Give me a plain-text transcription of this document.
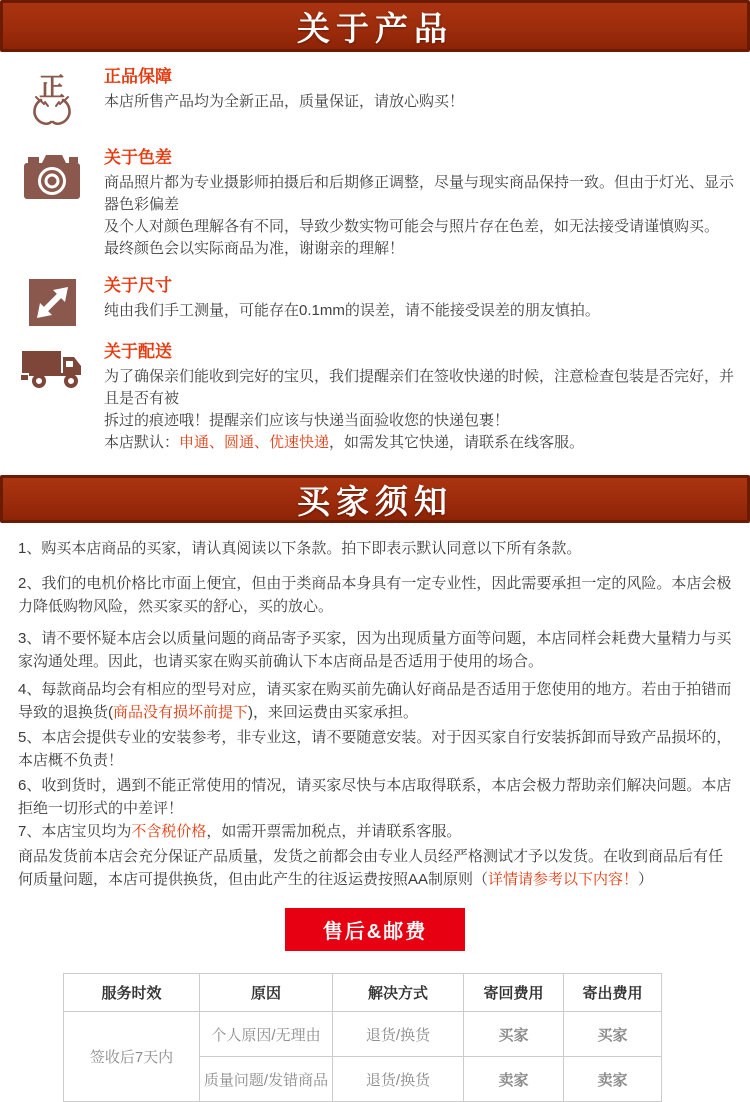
关于产品
正 正品保障
本店所售产品均为全新正品，质量保证，请放心购买！
关于色差
商品照片都为专业摄影师拍摄后和后期修正调整，尽量与现实商品保持一致。但由于灯光、显示器色彩偏差
及个人对颜色理解各有不同，导致少数实物可能会与照片存在色差，如无法接受请谨慎购买。
最终颜色会以实际商品为准，谢谢亲的理解！
关于尺寸
纯由我们手工测量，可能存在0.1mm的误差，请不能接受误差的朋友慎拍。
关于配送
为了确保亲们能收到完好的宝贝，我们提醒亲们在签收快递的时候，注意检查包装是否完好，并且是否有被
拆过的痕迹哦！提醒亲们应该与快递当面验收您的快递包裹！
本店默认：申通、圆通、优速快递，如需发其它快递，请联系在线客服。
买家须知
1、购买本店商品的买家，请认真阅读以下条款。拍下即表示默认同意以下所有条款。
2、我们的电机价格比市面上便宜，但由于类商品本身具有一定专业性，因此需要承担一定的风险。本店会极力降低购物风险，然买家买的舒心，买的放心。
3、请不要怀疑本店会以质量问题的商品寄予买家，因为出现质量方面等问题，本店同样会耗费大量精力与买家沟通处理。因此，也请买家在购买前确认下本店商品是否适用于使用的场合。
4、每款商品均会有相应的型号对应，请买家在购买前先确认好商品是否适用于您使用的地方。若由于拍错而导致的退换货(商品没有损坏前提下)，来回运费由买家承担。
5、本店会提供专业的安装参考，非专业这，请不要随意安装。对于因买家自行安装拆卸而导致产品损坏的，本店概不负责！
6、收到货时，遇到不能正常使用的情况，请买家尽快与本店取得联系，本店会极力帮助亲们解决问题。本店拒绝一切形式的中差评！
7、本店宝贝均为不含税价格，如需开票需加税点，并请联系客服。
商品发货前本店会充分保证产品质量，发货之前都会由专业人员经严格测试才予以发货。在收到商品后有任何质量问题，本店可提供换货，但由此产生的往返运费按照AA制原则（详情请参考以下内容！）
售后&邮费
服务时效	原因	解决方式	寄回费用	寄出费用
签收后7天内	个人原因/无理由	退货/换货	买家	买家
	质量问题/发错商品	退货/换货	卖家	卖家
